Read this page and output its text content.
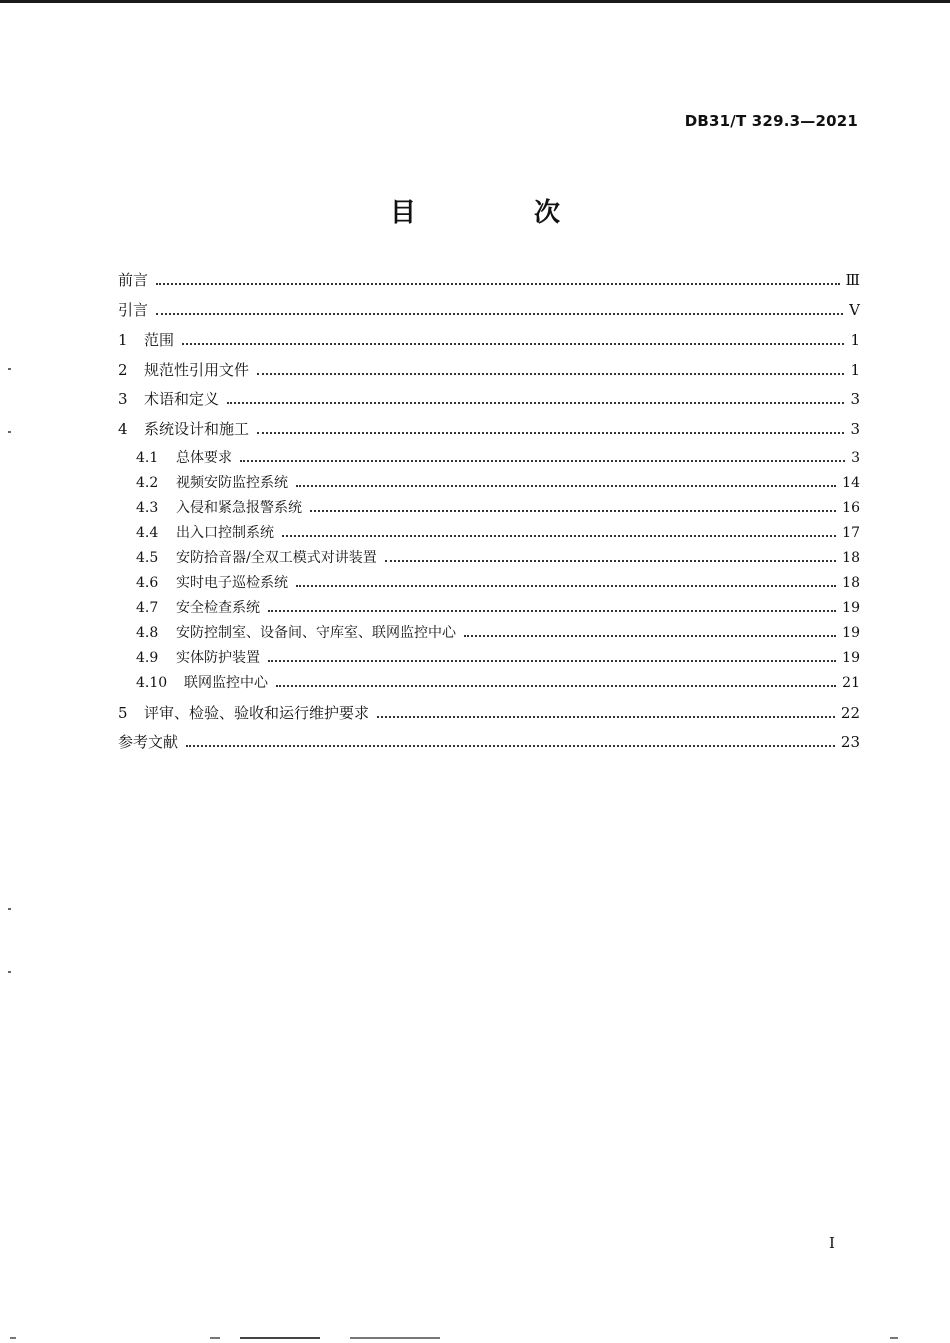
DB31/T 329.3—2021
目　次
前言	Ⅲ
引言	Ⅴ
1	范围	1
2	规范性引用文件	1
3	术语和定义	3
4	系统设计和施工	3
4.1	总体要求	3
4.2	视频安防监控系统	14
4.3	入侵和紧急报警系统	16
4.4	出入口控制系统	17
4.5	安防拾音器/全双工模式对讲装置	18
4.6	实时电子巡检系统	18
4.7	安全检查系统	19
4.8	安防控制室、设备间、守库室、联网监控中心	19
4.9	实体防护装置	19
4.10	联网监控中心	21
5	评审、检验、验收和运行维护要求	22
参考文献	23
I
